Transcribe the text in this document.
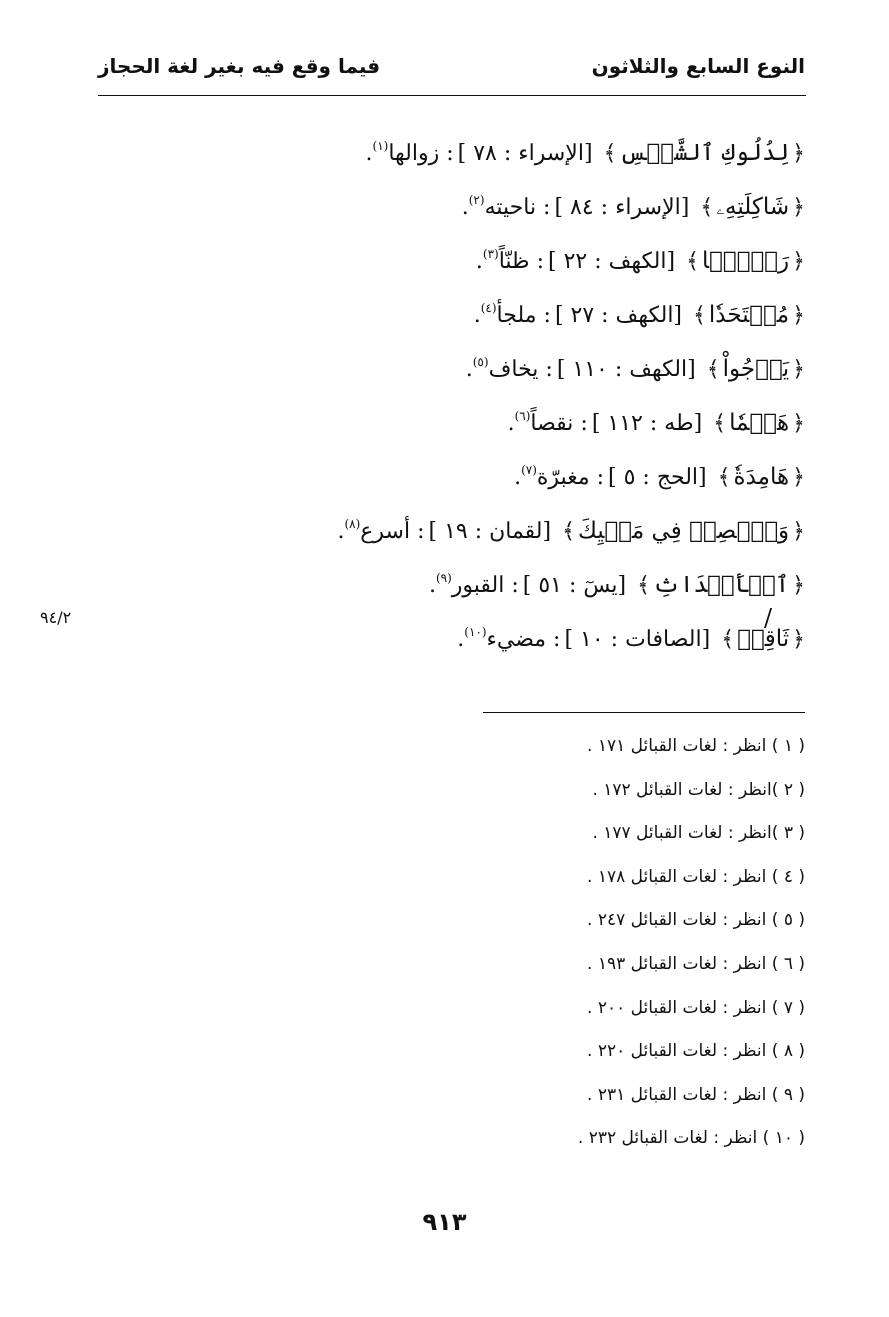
النوع السابع والثلاثون
فيما وقع فيه بغير لغة الحجاز
﴿لِدُلُوكِ ٱلشَّمۡسِ﴾ [الإسراء : ٧٨ ]: زوالها$^{(١)}$.
﴿شَاكِلَتِهِۦ﴾ [الإسراء : ٨٤ ]: ناحيته$^{(٢)}$.
﴿رَجۡمَۢا﴾ [الكهف : ٢٢ ]: ظنّاً$^{(٣)}$.
﴿مُلۡتَحَدٗا﴾ [الكهف : ٢٧ ]: ملجأ$^{(٤)}$.
﴿يَرۡجُواْ﴾ [الكهف : ١١٠ ]: يخاف$^{(٥)}$.
﴿هَضۡمٗا﴾ [طه : ١١٢ ]: نقصاً$^{(٦)}$.
﴿هَامِدَةٗ﴾ [الحج : ٥ ]: مغبرّة$^{(٧)}$.
﴿وَٱقۡصِدۡ فِي مَشۡيِكَ﴾ [لقمان : ١٩ ]: أسرع$^{(٨)}$.
﴿ٱلۡأَجۡدَاثِ﴾ [يسٓ : ٥١ ]: القبور$^{(٩)}$.
﴿ثَاقِبٞ﴾ [الصافات : ١٠ ]: مضيء$^{(١٠)}$.
/
٩٤/٢
( ١ ) انظر : لغات القبائل ١٧١ .
( ٢ )انظر : لغات القبائل ١٧٢ .
( ٣ )انظر : لغات القبائل ١٧٧ .
( ٤ ) انظر : لغات القبائل ١٧٨ .
( ٥ ) انظر : لغات القبائل ٢٤٧ .
( ٦ ) انظر : لغات القبائل ١٩٣ .
( ٧ ) انظر : لغات القبائل ٢٠٠ .
( ٨ ) انظر : لغات القبائل ٢٢٠ .
( ٩ ) انظر : لغات القبائل ٢٣١ .
( ١٠ ) انظر : لغات القبائل ٢٣٢ .
٩١٣
